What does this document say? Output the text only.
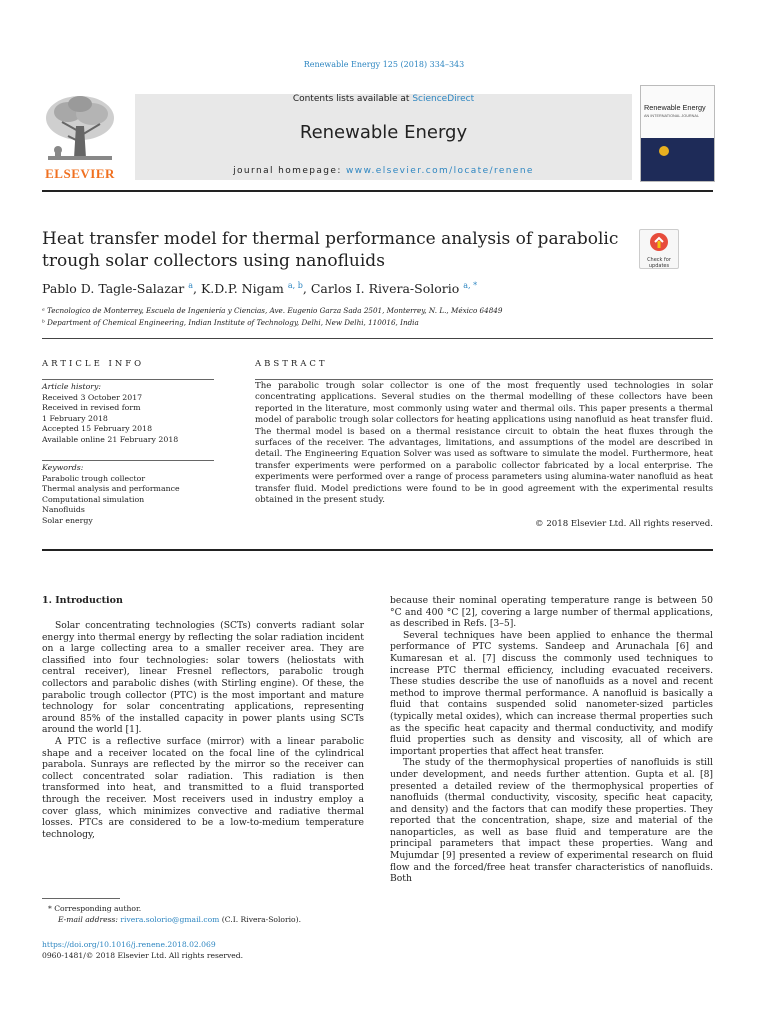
Renewable Energy 125 (2018) 334–343
Contents lists available at ScienceDirect
Renewable Energy
journal homepage: www.elsevier.com/locate/renene
ELSEVIER
Renewable Energy
AN INTERNATIONAL JOURNAL
Heat transfer model for thermal performance analysis of parabolic
trough solar collectors using nanofluids	Check for
updates
Pablo D. Tagle-Salazar $^a$, K.D.P. Nigam $^{a, b}$, Carlos I. Rivera-Solorio $^{a, *}$
ᵃ Tecnologico de Monterrey, Escuela de Ingeniería y Ciencias, Ave. Eugenio Garza Sada 2501, Monterrey, N. L., México 64849
ᵇ Department of Chemical Engineering, Indian Institute of Technology, Delhi, New Delhi, 110016, India
ARTICLE INFO
Article history:
Received 3 October 2017
Received in revised form
1 February 2018
Accepted 15 February 2018
Available online 21 February 2018
Keywords:
Parabolic trough collector
Thermal analysis and performance
Computational simulation
Nanofluids
Solar energy
ABSTRACT
The parabolic trough solar collector is one of the most frequently used technologies in solar concentrating applications. Several studies on the thermal modelling of these collectors have been reported in the literature, most commonly using water and thermal oils. This paper presents a thermal model of parabolic trough solar collectors for heating applications using nanofluid as heat transfer fluid. The thermal model is based on a thermal resistance circuit to obtain the heat fluxes through the surfaces of the receiver. The advantages, limitations, and assumptions of the model are described in detail. The Engineering Equation Solver was used as software to simulate the model. Furthermore, heat transfer experiments were performed on a parabolic collector fabricated by a local enterprise. The experiments were performed over a range of process parameters using alumina-water nanofluid as heat transfer fluid. Model predictions were found to be in good agreement with the experimental results obtained in the present study.
© 2018 Elsevier Ltd. All rights reserved.
1. Introduction

Solar concentrating technologies (SCTs) converts radiant solar energy into thermal energy by reflecting the solar radiation incident on a large collecting area to a smaller receiver area. They are classified into four technologies: solar towers (heliostats with central receiver), linear Fresnel reflectors, parabolic trough collectors and parabolic dishes (with Stirling engine). Of these, the parabolic trough collector (PTC) is the most important and mature technology for solar concentrating applications, representing around 85% of the installed capacity in power plants using SCTs around the world [1].

A PTC is a reflective surface (mirror) with a linear parabolic shape and a receiver located on the focal line of the cylindrical parabola. Sunrays are reflected by the mirror so the receiver can collect concentrated solar radiation. This radiation is then transformed into heat, and transmitted to a fluid transported through the receiver. Most receivers used in industry employ a cover glass, which minimizes convective and radiative thermal losses. PTCs are considered to be a low-to-medium temperature technology,

because their nominal operating temperature range is between 50 °C and 400 °C [2], covering a large number of thermal applications, as described in Refs. [3–5].

Several techniques have been applied to enhance the thermal performance of PTC systems. Sandeep and Arunachala [6] and Kumaresan et al. [7] discuss the commonly used techniques to increase PTC thermal efficiency, including evacuated receivers. These studies describe the use of nanofluids as a novel and recent method to improve thermal performance. A nanofluid is basically a fluid that contains suspended solid nanometer-sized particles (typically metal oxides), which can increase thermal properties such as the specific heat capacity and thermal conductivity, and modify fluid properties such as density and viscosity, all of which are important properties that affect heat transfer.

The study of the thermophysical properties of nanofluids is still under development, and needs further attention. Gupta et al. [8] presented a detailed review of the thermophysical properties of nanofluids (thermal conductivity, viscosity, specific heat capacity, and density) and the factors that can modify these properties. They reported that the concentration, shape, size and material of the nanoparticles, as well as base fluid and temperature are the principal parameters that impact these properties. Wang and Mujumdar [9] presented a review of experimental research on fluid flow and the forced/free heat transfer characteristics of nanofluids. Both

* Corresponding author.
E-mail address: rivera.solorio@gmail.com (C.I. Rivera-Solorio).
https://doi.org/10.1016/j.renene.2018.02.069
0960-1481/© 2018 Elsevier Ltd. All rights reserved.
